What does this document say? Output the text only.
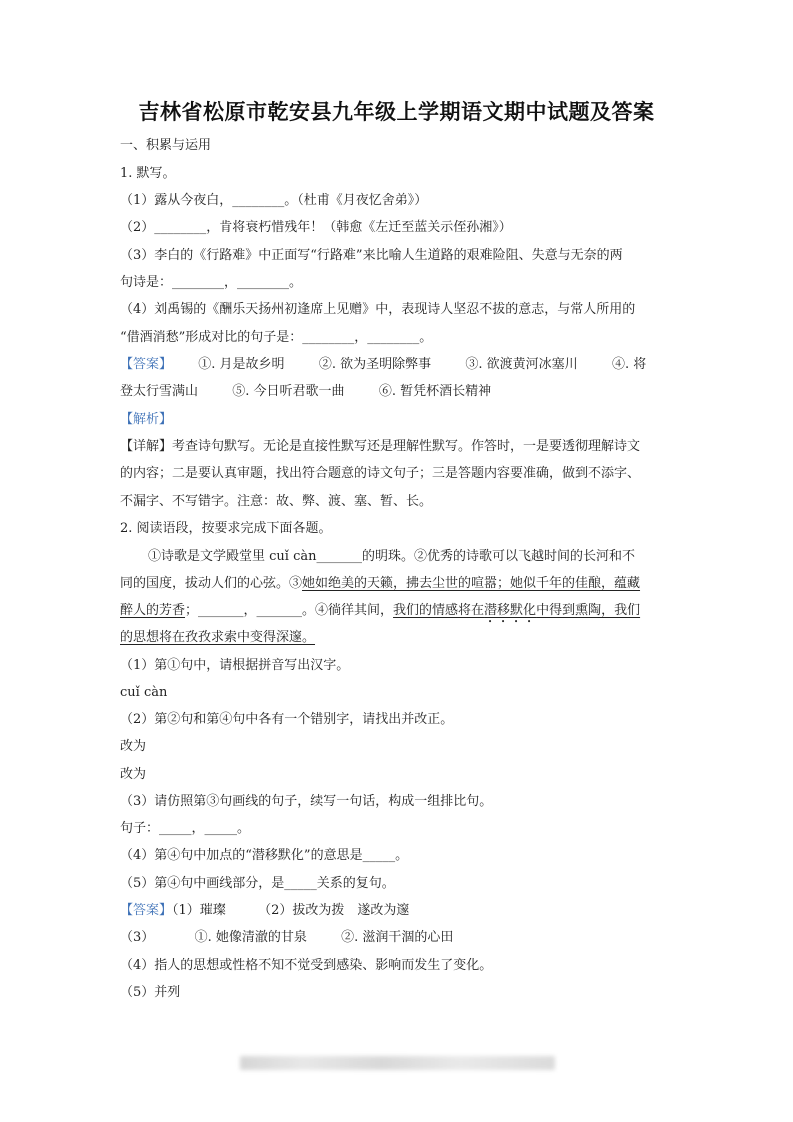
吉林省松原市乾安县九年级上学期语文期中试题及答案
一、积累与运用
1. 默写。
（1）露从今夜白，________。（杜甫《月夜忆舍弟》）
（2）________，肯将衰朽惜残年！（韩愈《左迁至蓝关示侄孙湘》）
（3）李白的《行路难》中正面写“行路难”来比喻人生道路的艰难险阻、失意与无奈的两
句诗是：________，________。
（4）刘禹锡的《酬乐天扬州初逢席上见赠》中，表现诗人坚忍不拔的意志，与常人所用的
“借酒消愁”形成对比的句子是：________，________。
【答案】 ①. 月是故乡明	②. 欲为圣明除弊事	③. 欲渡黄河冰塞川	④. 将
登太行雪满山	⑤. 今日听君歌一曲	⑥. 暂凭杯酒长精神
【解析】
【详解】考查诗句默写。无论是直接性默写还是理解性默写。作答时，一是要透彻理解诗文
的内容；二是要认真审题，找出符合题意的诗文句子；三是答题内容要准确，做到不添字、
不漏字、不写错字。注意：故、弊、渡、塞、暂、长。
2. 阅读语段，按要求完成下面各题。
①诗歌是文学殿堂里 cuǐ càn_______的明珠。②优秀的诗歌可以飞越时间的长河和不
同的国度，拔动人们的心弦。③她如绝美的天籁，拂去尘世的喧嚣；她似千年的佳酿，蕴藏
醉人的芳香；_______，_______。④徜徉其间，我们的情感将在潜移默化中得到熏陶，我们
的思想将在孜孜求索中变得深邃。
（1）第①句中，请根据拼音写出汉字。
cuǐ càn
（2）第②句和第④句中各有一个错别字，请找出并改正。
改为
改为
（3）请仿照第③句画线的句子，续写一句话，构成一组排比句。
句子：_____，_____。
（4）第④句中加点的“潜移默化”的意思是_____。
（5）第④句中画线部分，是_____关系的复句。
【答案】（1）璀璨 （2）拔改为拨　遂改为邃
（3）	①. 她像清澈的甘泉	②. 滋润干涸的心田
（4）指人的思想或性格不知不觉受到感染、影响而发生了变化。
（5）并列
